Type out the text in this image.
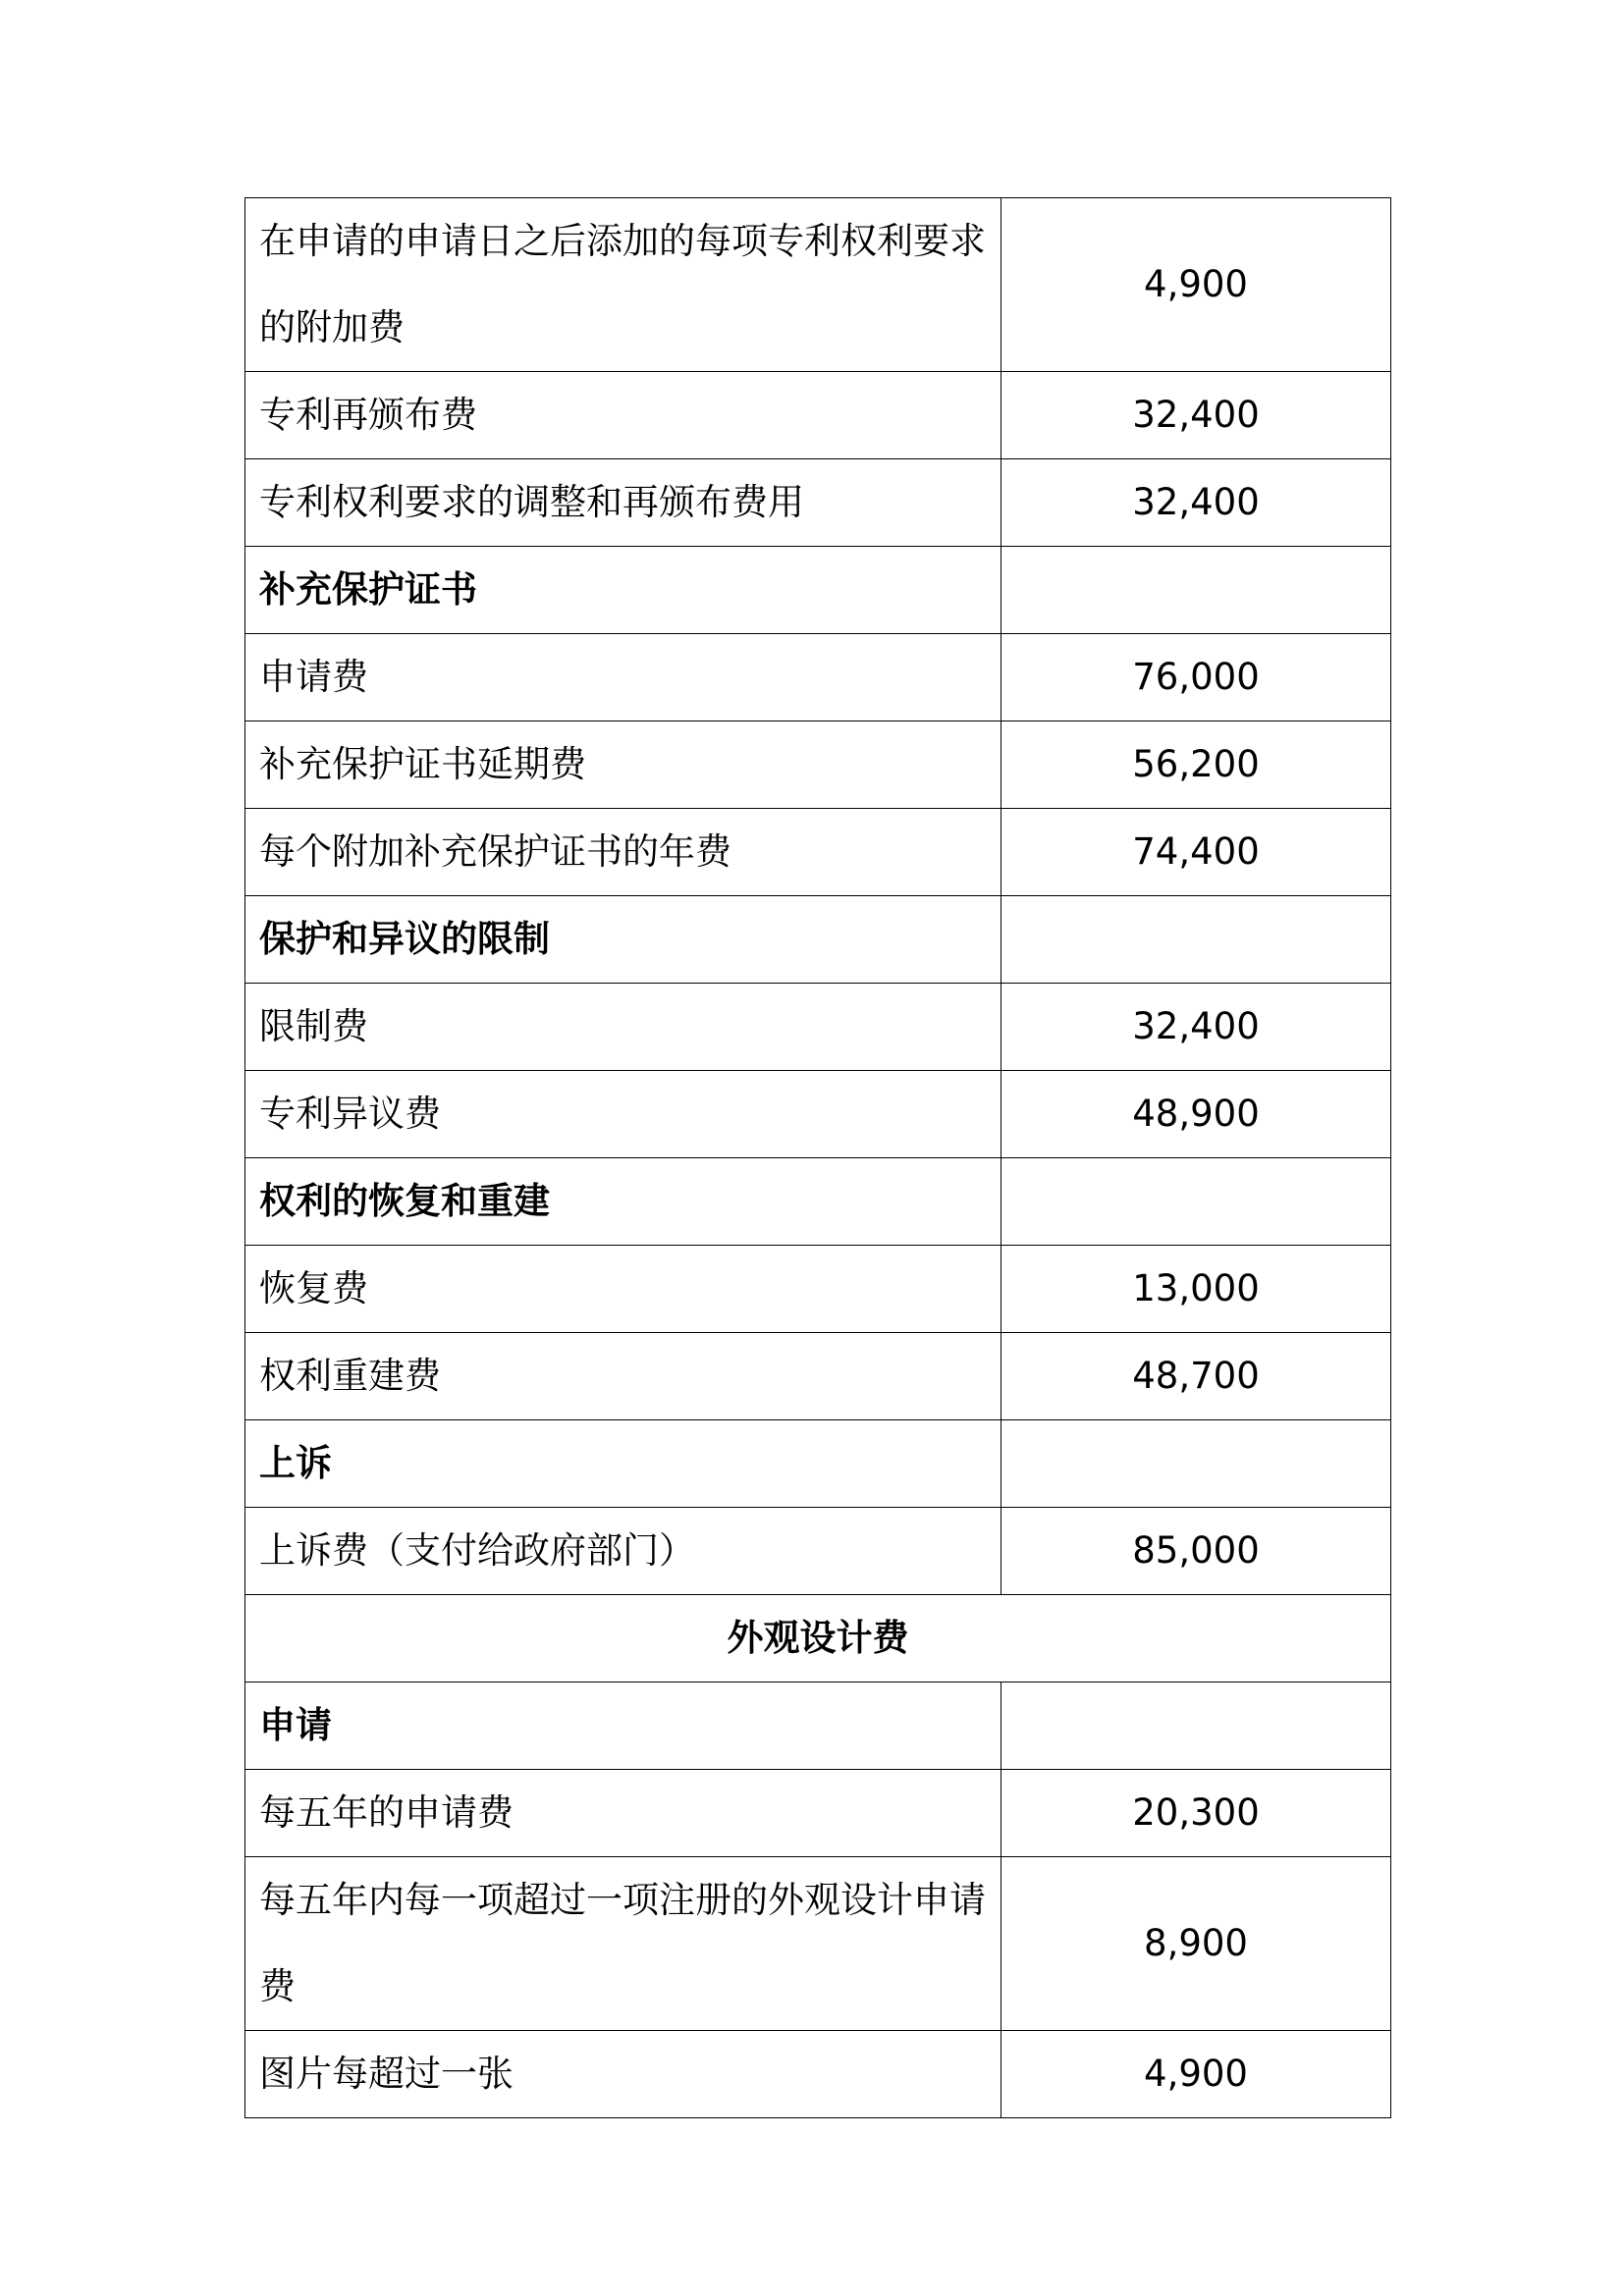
在申请的申请日之后添加的每项专利权利要求的附加费	4,900
专利再颁布费	32,400
专利权利要求的调整和再颁布费用	32,400
补充保护证书	
申请费	76,000
补充保护证书延期费	56,200
每个附加补充保护证书的年费	74,400
保护和异议的限制	
限制费	32,400
专利异议费	48,900
权利的恢复和重建	
恢复费	13,000
权利重建费	48,700
上诉	
上诉费（支付给政府部门）	85,000
外观设计费	
申请	
每五年的申请费	20,300
每五年内每一项超过一项注册的外观设计申请费	8,900
图片每超过一张	4,900
